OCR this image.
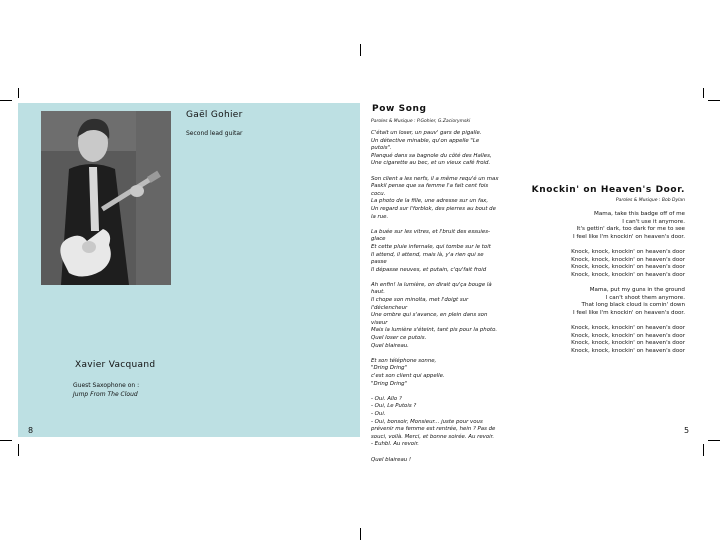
Gaël Gohier
Second lead guitar
Xavier Vacquand
Guest Saxophone on :
Jump From The Cloud
8
Pow Song
Paroles & Musique : P.Gohier, G.Zaciorymski

C'était un loser, un pauv' gars de pigalle.
Un détective minable, qu'on appelle "Le
putois".
Planqué dans sa bagnole du côté des Halles,
Une cigarette au bec, et un vieux café froid.

Son client a les nerfs, il a même requ'é un max
Paskil pense que sa femme l'a fait cent fois
cocu.
La photo de la fille, une adresse sur un fax,
Un regard sur l'forblok, des pierres au bout de
la rue.

La buée sur les vitres, et l'bruit des essuies-
glace
Et cette pluie infernale, qui tombe sur le toit
Il attend, il attend, mais là, y'a rien qui se
passe
Il dépasse neuves, et putain, c'qu'fait froid

Ah enfin! la lumière, on dirait qu'ça bouge là
haut.
Il chope son minolta, met l'doigt sur
l'déclencheur
Une ombre qui s'avance, en plein dans son
viseur
Mais la lumière s'éteint, tant pis pour la photo.
Quel loser ce putois.
Quel blaireau.

Et son téléphone sonne,
"Dring Dring"
c'est son client qui appelle.
"Dring Dring"

- Oui. Allo ?
- Oui, Le Putois ?
- Oui.
- Oui, bonsoir, Monsieur... juste pour vous
prévenir ma femme est rentrée, hein ? Pas de
souci, voilà. Merci, et bonne soirée. Au revoir.
- Euhbl. Au revoir.

Quel blaireau !

Knockin' on Heaven's Door.
Paroles & Musique : Bob Dylan

Mama, take this badge off of me
I can't use it anymore.
It's gettin' dark, too dark for me to see
I feel like I'm knockin' on heaven's door.

Knock, knock, knockin' on heaven's door
Knock, knock, knockin' on heaven's door
Knock, knock, knockin' on heaven's door
Knock, knock, knockin' on heaven's door

Mama, put my guns in the ground
I can't shoot them anymore.
That long black cloud is comin' down
I feel like I'm knockin' on heaven's door.

Knock, knock, knockin' on heaven's door
Knock, knock, knockin' on heaven's door
Knock, knock, knockin' on heaven's door
Knock, knock, knockin' on heaven's door

5
